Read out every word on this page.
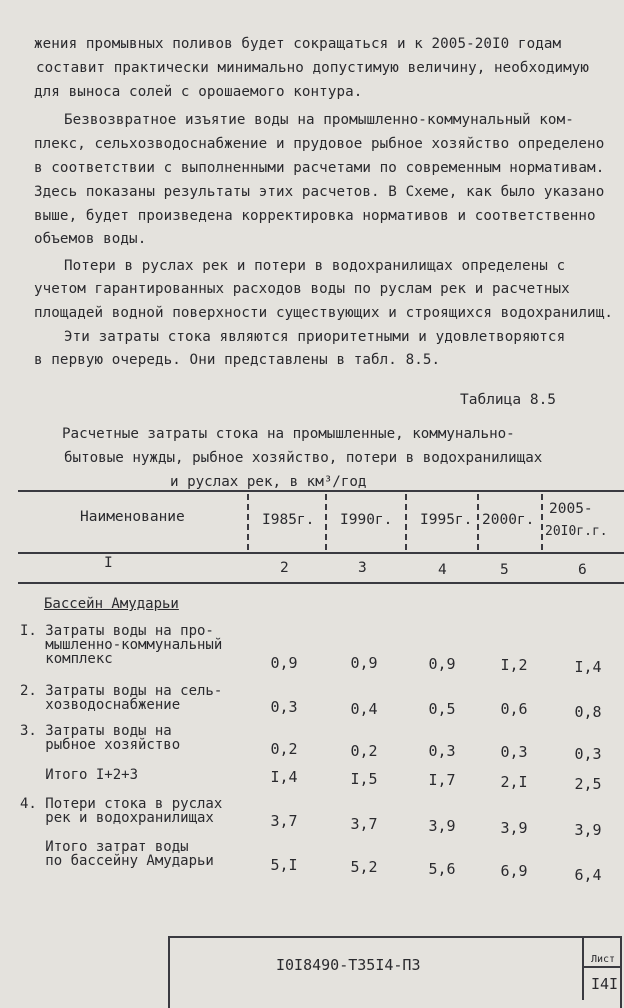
жения промывных поливов будет сокращаться и к 2005-20I0 годам
составит практически минимально допустимую величину, необходимую
для выноса солей с орошаемого контура.
Безвозвратное изъятие воды на промышленно-коммунальный ком-
плекс, сельхозводоснабжение и прудовое рыбное хозяйство определено
в соответствии с выполненными расчетами по современным нормативам.
Здесь показаны результаты этих расчетов. В Схеме, как было указано
выше, будет произведена корректировка нормативов и соответственно
объемов воды.
Потери в руслах рек и потери в водохранилищах определены с
учетом гарантированных расходов воды по руслам рек и расчетных
площадей водной поверхности существующих и строящихся водохранилищ.
Эти затраты стока являются приоритетными и удовлетворяются
в первую очередь. Они представлены в табл. 8.5.
Таблица 8.5
Расчетные затраты стока на промышленные, коммунально-
бытовые нужды, рыбное хозяйство, потери в водохранилищах
и руслах рек, в км³/год
Наименование	I985г. I990г. I995г. 2000г.
2005-
20I0г.г.
I	2	3	4	5	6
Бассейн Амударьи
I. Затраты воды на про-
мышленно-коммунальный
комплекс	0,9	0,9	0,9	I,2	I,4
2. Затраты воды на сель-
хозводоснабжение	0,3	0,4	0,5	0,6	0,8
3. Затраты воды на
рыбное хозяйство	0,2	0,2	0,3	0,3	0,3
Итого I+2+3	I,4	I,5	I,7	2,I	2,5
4. Потери стока в руслах
рек и водохранилищах	3,7	3,7	3,9	3,9	3,9
Итого затрат воды
по бассейну Амударьи	5,I	5,2	5,6	6,9	6,4
I0I8490-Т35I4-ПЗ	Лист
I4I
